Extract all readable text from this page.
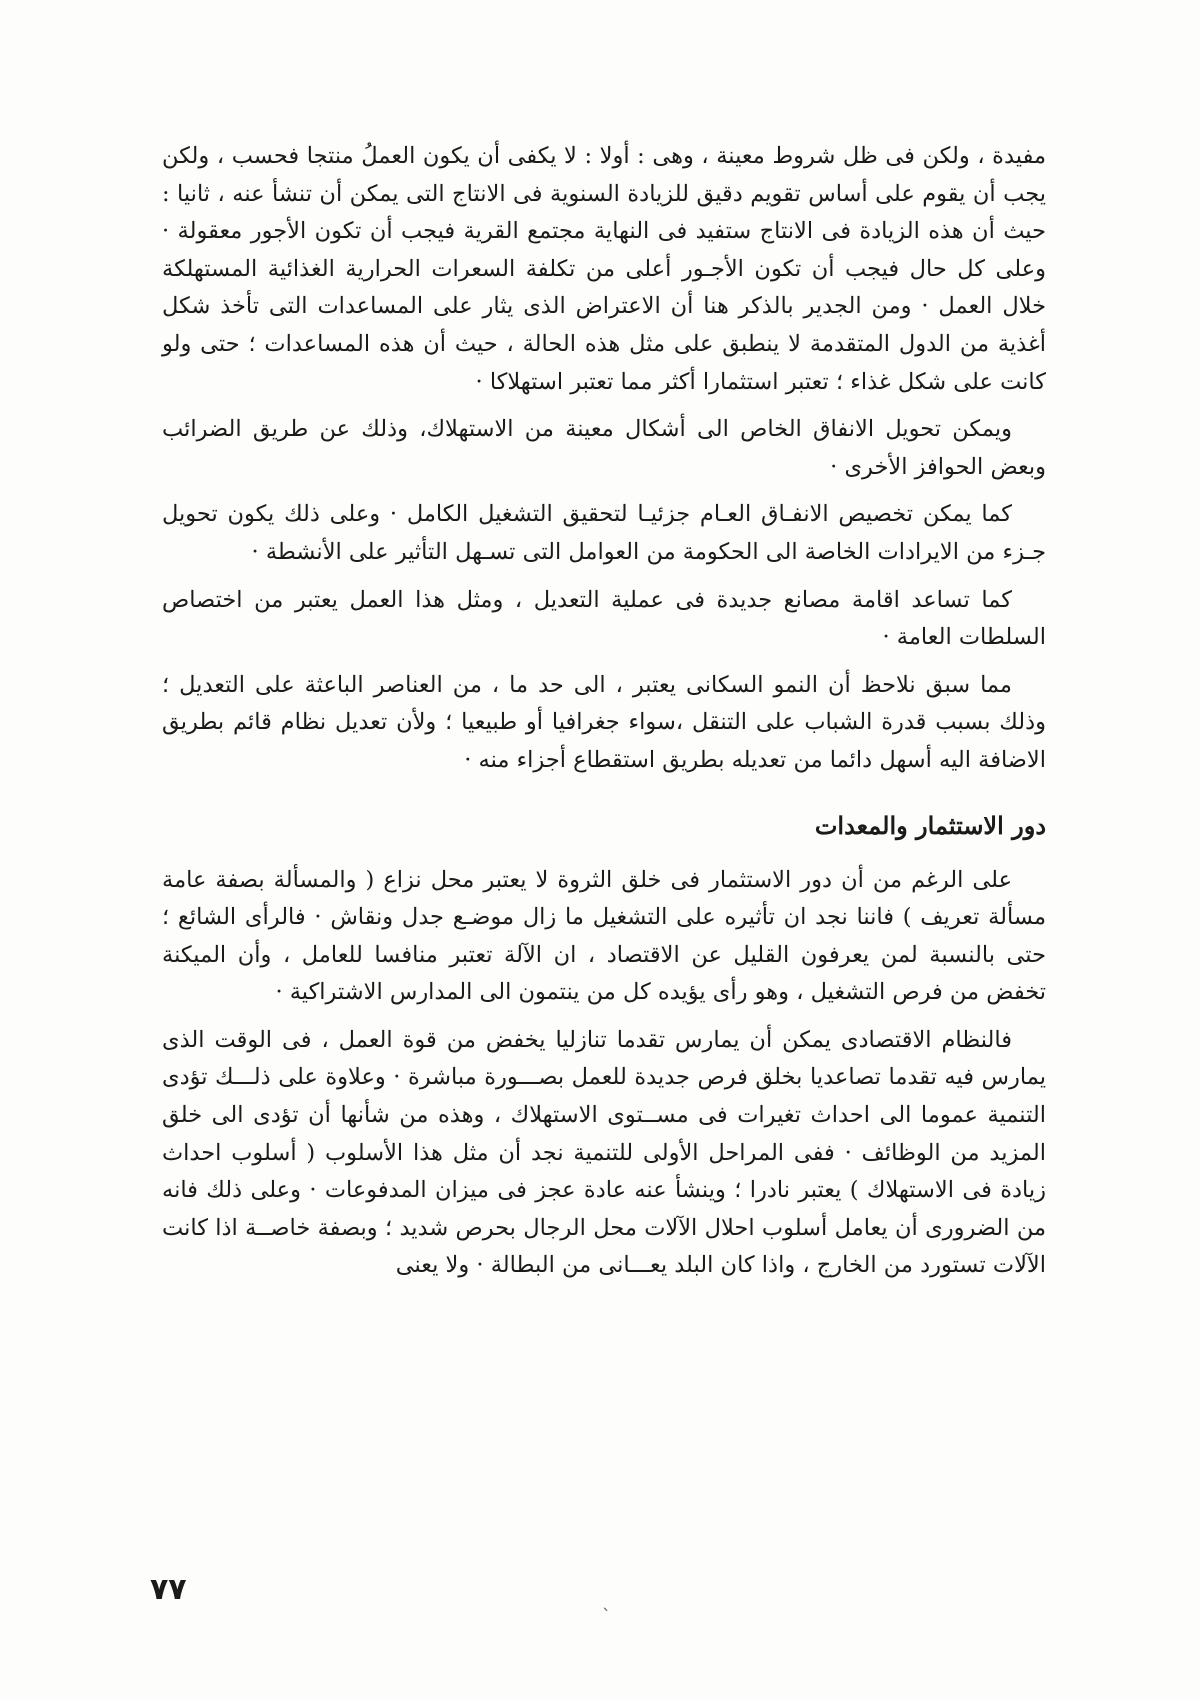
مفيدة ، ولكن فى ظل شروط معينة ، وهى : أولا : لا يكفى أن يكون العملُ منتجا فحسب ، ولكن يجب أن يقوم على أساس تقويم دقيق للزيادة السنوية فى الانتاج التى يمكن أن تنشأ عنه ، ثانيا : حيث أن هذه الزيادة فى الانتاج ستفيد فى النهاية مجتمع القرية فيجب أن تكون الأجور معقولة · وعلى كل حال فيجب أن تكون الأجـور أعلى من تكلفة السعرات الحرارية الغذائية المستهلكة خلال العمل · ومن الجدير بالذكر هنا أن الاعتراض الذى يثار على المساعدات التى تأخذ شكل أغذية من الدول المتقدمة لا ينطبق على مثل هذه الحالة ، حيث أن هذه المساعدات ؛ حتى ولو كانت على شكل غذاء ؛ تعتبر استثمارا أكثر مما تعتبر استهلاكا ·

ويمكن تحويل الانفاق الخاص الى أشكال معينة من الاستهلاك، وذلك عن طريق الضرائب وبعض الحوافز الأخرى ·

كما يمكن تخصيص الانفـاق العـام جزئيـا لتحقيق التشغيل الكامل · وعلى ذلك يكون تحويل جـزء من الايرادات الخاصة الى الحكومة من العوامل التى تسـهل التأثير على الأنشطة ·

كما تساعد اقامة مصانع جديدة فى عملية التعديل ، ومثل هذا العمل يعتبر من اختصاص السلطات العامة ·

مما سبق نلاحظ أن النمو السكانى يعتبر ، الى حد ما ، من العناصر الباعثة على التعديل ؛ وذلك بسبب قدرة الشباب على التنقل ،سواء جغرافيا أو طبيعيا ؛ ولأن تعديل نظام قائم بطريق الاضافة اليه أسهل دائما من تعديله بطريق استقطاع أجزاء منه ·

دور الاستثمار والمعدات

على الرغم من أن دور الاستثمار فى خلق الثروة لا يعتبر محل نزاع ( والمسألة بصفة عامة مسألة تعريف ) فاننا نجد ان تأثيره على التشغيل ما زال موضـع جدل ونقاش · فالرأى الشائع ؛ حتى بالنسبة لمن يعرفون القليل عن الاقتصاد ، ان الآلة تعتبر منافسا للعامل ، وأن الميكنة تخفض من فرص التشغيل ، وهو رأى يؤيده كل من ينتمون الى المدارس الاشتراكية ·

فالنظام الاقتصادى يمكن أن يمارس تقدما تنازليا يخفض من قوة العمل ، فى الوقت الذى يمارس فيه تقدما تصاعديا بخلق فرص جديدة للعمل بصـــورة مباشرة · وعلاوة على ذلـــك تؤدى التنمية عموما الى احداث تغيرات فى مســتوى الاستهلاك ، وهذه من شأنها أن تؤدى الى خلق المزيد من الوظائف · ففى المراحل الأولى للتنمية نجد أن مثل هذا الأسلوب ( أسلوب احداث زيادة فى الاستهلاك ) يعتبر نادرا ؛ وينشأ عنه عادة عجز فى ميزان المدفوعات · وعلى ذلك فانه من الضرورى أن يعامل أسلوب احلال الآلات محل الرجال بحرص شديد ؛ وبصفة خاصــة اذا كانت الآلات تستورد من الخارج ، واذا كان البلد يعـــانى من البطالة · ولا يعنى

٧٧
`
